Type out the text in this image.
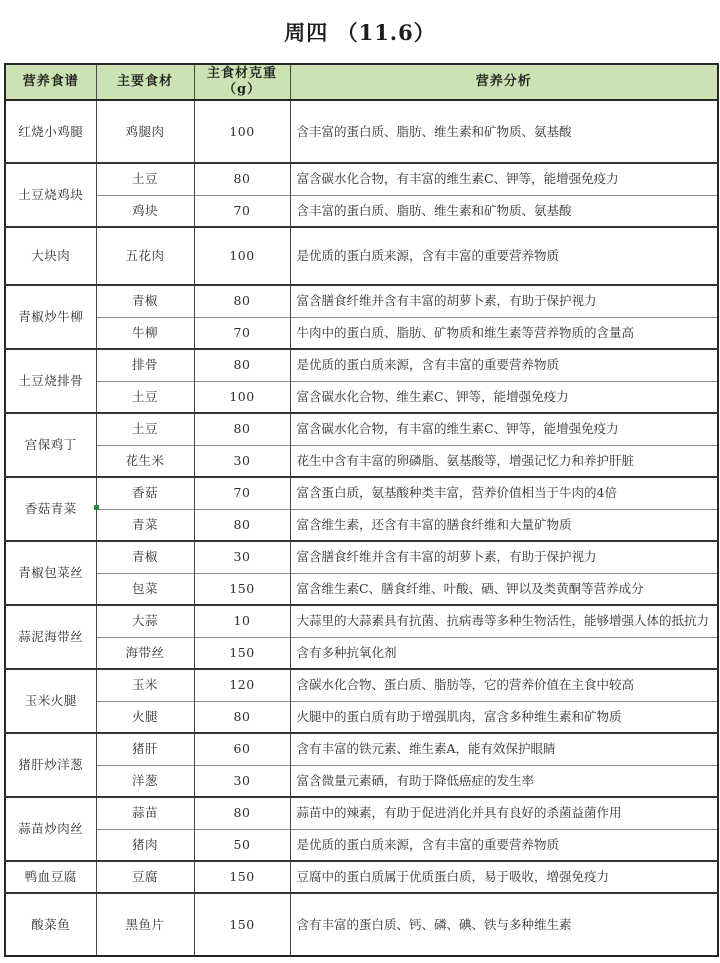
周四 （11.6）
营养食谱	主要食材	主食材克重（g）	营养分析
红烧小鸡腿	鸡腿肉	100	含丰富的蛋白质、脂肪、维生素和矿物质、氨基酸
土豆烧鸡块	土豆	80	富含碳水化合物，有丰富的维生素C、钾等，能增强免疫力
	鸡块	70	含丰富的蛋白质、脂肪、维生素和矿物质、氨基酸
大块肉	五花肉	100	是优质的蛋白质来源，含有丰富的重要营养物质
青椒炒牛柳	青椒	80	富含膳食纤维并含有丰富的胡萝卜素，有助于保护视力
	牛柳	70	牛肉中的蛋白质、脂肪、矿物质和维生素等营养物质的含量高
土豆烧排骨	排骨	80	是优质的蛋白质来源，含有丰富的重要营养物质
	土豆	100	富含碳水化合物、维生素C、钾等，能增强免疫力
宫保鸡丁	土豆	80	富含碳水化合物，有丰富的维生素C、钾等，能增强免疫力
	花生米	30	花生中含有丰富的卵磷脂、氨基酸等，增强记忆力和养护肝脏
香菇青菜	香菇	70	富含蛋白质，氨基酸种类丰富，营养价值相当于牛肉的4倍
	青菜	80	富含维生素，还含有丰富的膳食纤维和大量矿物质
青椒包菜丝	青椒	30	富含膳食纤维并含有丰富的胡萝卜素，有助于保护视力
	包菜	150	富含维生素C、膳食纤维、叶酸、硒、钾以及类黄酮等营养成分
蒜泥海带丝	大蒜	10	大蒜里的大蒜素具有抗菌、抗病毒等多种生物活性，能够增强人体的抵抗力
	海带丝	150	含有多种抗氧化剂
玉米火腿	玉米	120	含碳水化合物、蛋白质、脂肪等，它的营养价值在主食中较高
	火腿	80	火腿中的蛋白质有助于增强肌肉，富含多种维生素和矿物质
猪肝炒洋葱	猪肝	60	含有丰富的铁元素、维生素A，能有效保护眼睛
	洋葱	30	富含微量元素硒，有助于降低癌症的发生率
蒜苗炒肉丝	蒜苗	80	蒜苗中的辣素，有助于促进消化并具有良好的杀菌益菌作用
	猪肉	50	是优质的蛋白质来源，含有丰富的重要营养物质
鸭血豆腐	豆腐	150	豆腐中的蛋白质属于优质蛋白质，易于吸收，增强免疫力
酸菜鱼	黑鱼片	150	含有丰富的蛋白质、钙、磷、碘、铁与多种维生素
